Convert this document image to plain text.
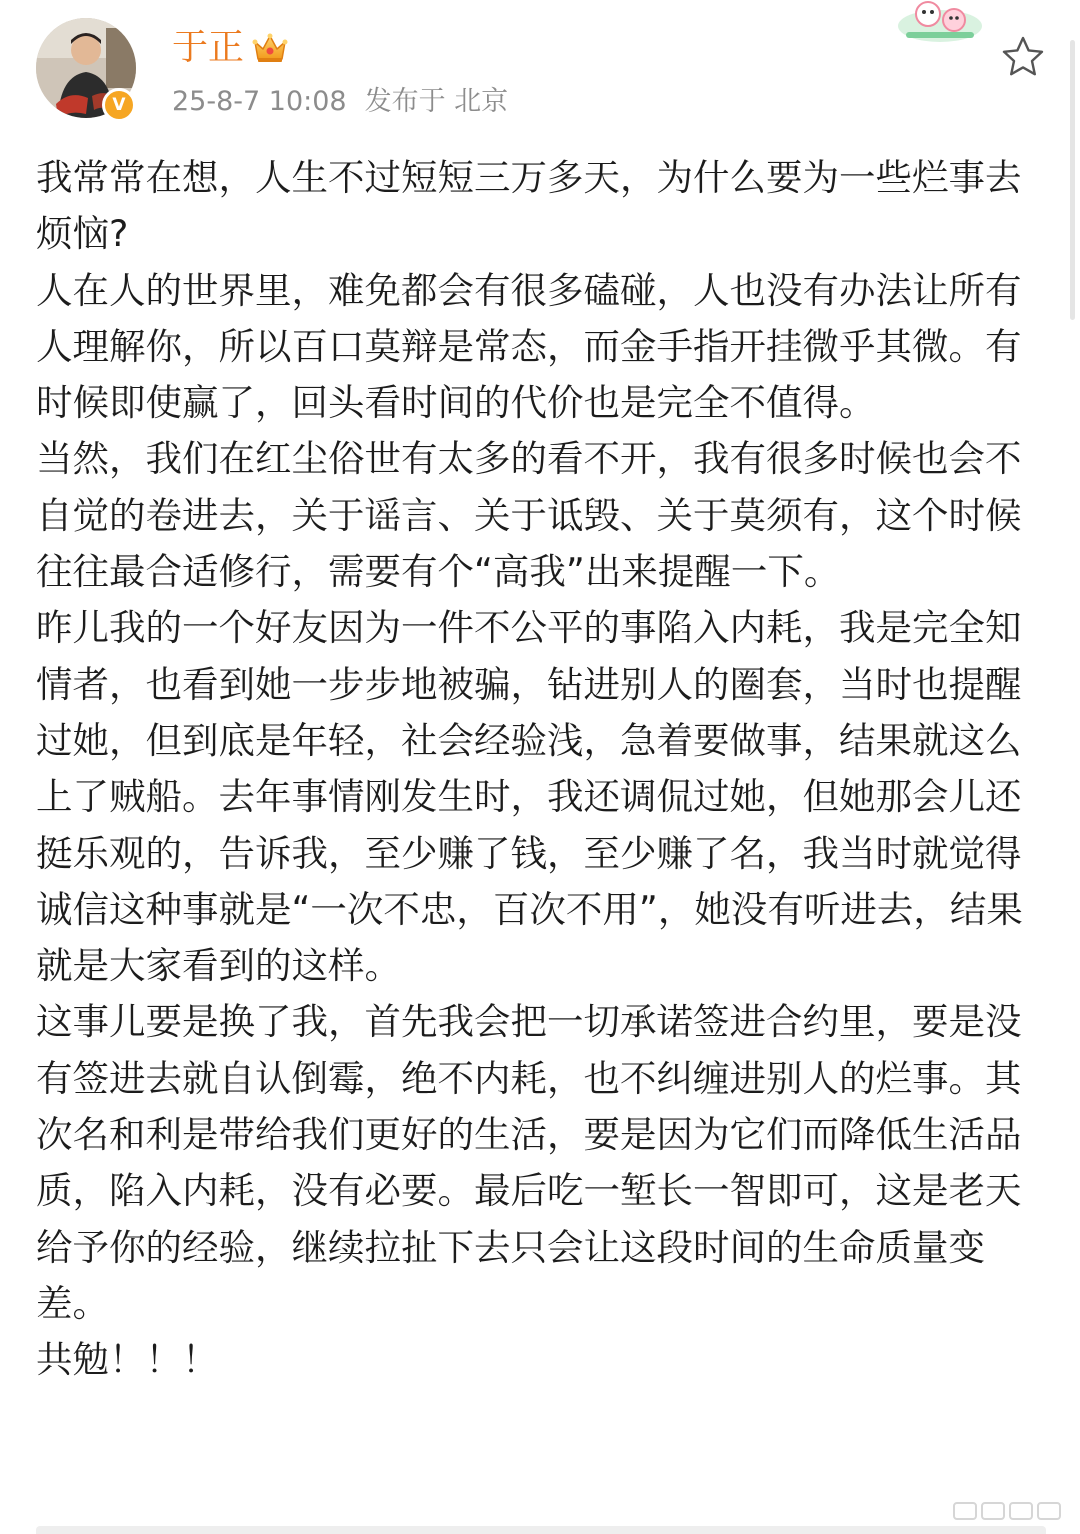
V
于正
25-8-7 10:08 发布于 北京

我常常在想，人生不过短短三万多天，为什么要为一些烂事去烦恼?

人在人的世界里，难免都会有很多磕碰，人也没有办法让所有人理解你，所以百口莫辩是常态，而金手指开挂微乎其微。有时候即使赢了，回头看时间的代价也是完全不值得。

当然，我们在红尘俗世有太多的看不开，我有很多时候也会不自觉的卷进去，关于谣言、关于诋毁、关于莫须有，这个时候往往最合适修行，需要有个“高我”出来提醒一下。

昨儿我的一个好友因为一件不公平的事陷入内耗，我是完全知情者，也看到她一步步地被骗，钻进别人的圈套，当时也提醒过她，但到底是年轻，社会经验浅，急着要做事，结果就这么上了贼船。去年事情刚发生时，我还调侃过她，但她那会儿还挺乐观的，告诉我，至少赚了钱，至少赚了名，我当时就觉得诚信这种事就是“一次不忠，百次不用”，她没有听进去，结果就是大家看到的这样。

这事儿要是换了我，首先我会把一切承诺签进合约里，要是没有签进去就自认倒霉，绝不内耗，也不纠缠进别人的烂事。其次名和利是带给我们更好的生活，要是因为它们而降低生活品质，陷入内耗，没有必要。最后吃一堑长一智即可，这是老天给予你的经验，继续拉扯下去只会让这段时间的生命质量变差。

共勉！！！
